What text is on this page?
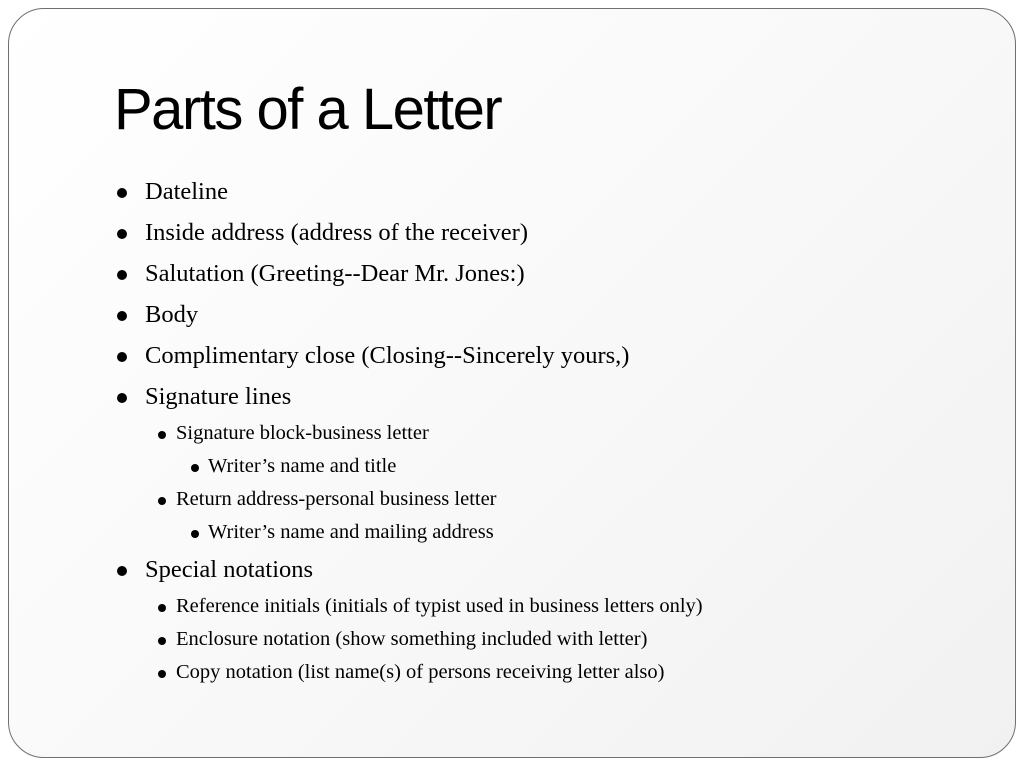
Parts of a Letter
Dateline
Inside address (address of the receiver)
Salutation (Greeting--Dear Mr. Jones:)
Body
Complimentary close (Closing--Sincerely yours,)
Signature lines
Signature block-business letter
Writer’s name and title
Return address-personal business letter
Writer’s name and mailing address
Special notations
Reference initials (initials of typist used in business letters only)
Enclosure notation (show something included with letter)
Copy notation (list name(s) of persons receiving letter also)
